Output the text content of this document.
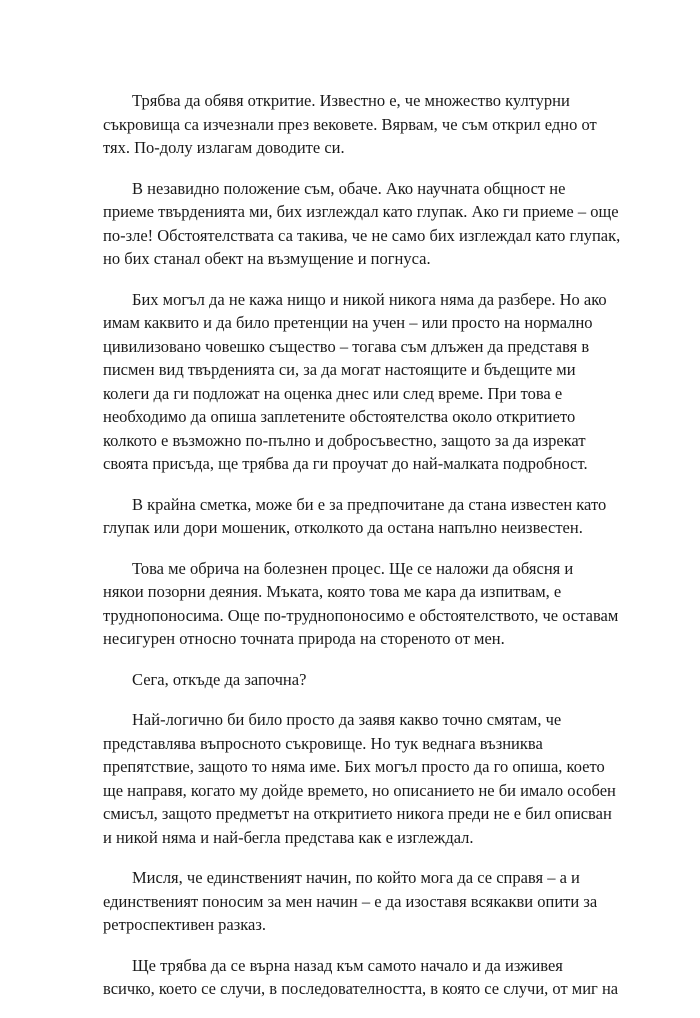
Трябва да обявя откритие. Известно е, че множество културни
съкровища са изчезнали през вековете. Вярвам, че съм открил едно от
тях. По-долу излагам доводите си.

В незавидно положение съм, обаче. Ако научната общност не
приеме твърденията ми, бих изглеждал като глупак. Ако ги приеме – още
по-зле! Обстоятелствата са такива, че не само бих изглеждал като глупак,
но бих станал обект на възмущение и погнуса.

Бих могъл да не кажа нищо и никой никога няма да разбере. Но ако
имам каквито и да било претенции на учен – или просто на нормално
цивилизовано човешко същество – тогава съм длъжен да представя в
писмен вид твърденията си, за да могат настоящите и бъдещите ми
колеги да ги подложат на оценка днес или след време. При това е
необходимо да опиша заплетените обстоятелства около откритието
колкото е възможно по-пълно и добросъвестно, защото за да изрекат
своята присъда, ще трябва да ги проучат до най-малката подробност.

В крайна сметка, може би е за предпочитане да стана известен като
глупак или дори мошеник, отколкото да остана напълно неизвестен.

Това ме обрича на болезнен процес. Ще се наложи да обясня и
някои позорни деяния. Мъката, която това ме кара да изпитвам, е
труднопоносима. Още по-труднопоносимо е обстоятелството, че оставам
несигурен относно точната природа на стореното от мен.

Сега, откъде да започна?

Най-логично би било просто да заявя какво точно смятам, че
представлява въпросното съкровище. Но тук веднага възниква
препятствие, защото то няма име. Бих могъл просто да го опиша, което
ще направя, когато му дойде времето, но описанието не би имало особен
смисъл, защото предметът на откритието никога преди не е бил описван
и никой няма и най-бегла представа как е изглеждал.

Мисля, че единственият начин, по който мога да се справя – а и
единственият поносим за мен начин – е да изоставя всякакви опити за
ретроспективен разказ.

Ще трябва да се върна назад към самото начало и да изживея
всичко, което се случи, в последователността, в която се случи, от миг на
